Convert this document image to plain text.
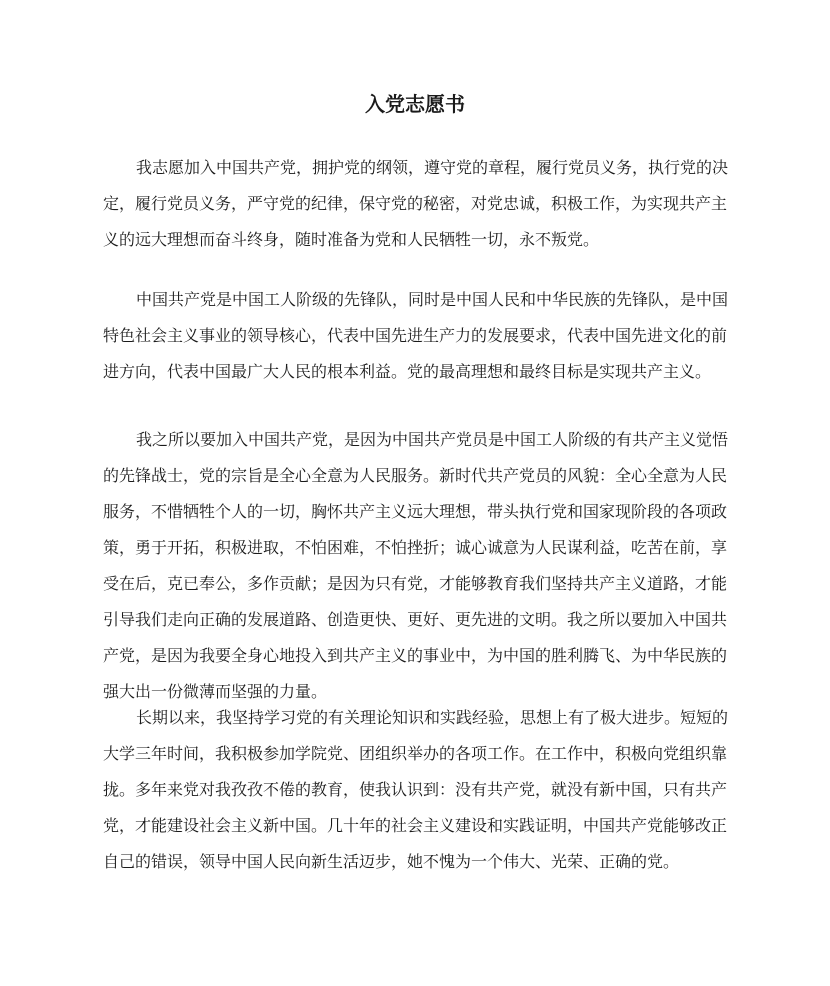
入党志愿书
我志愿加入中国共产党，拥护党的纲领，遵守党的章程，履行党员义务，执行党的决
定，履行党员义务，严守党的纪律，保守党的秘密，对党忠诚，积极工作，为实现共产主
义的远大理想而奋斗终身，随时准备为党和人民牺牲一切，永不叛党。
中国共产党是中国工人阶级的先锋队，同时是中国人民和中华民族的先锋队，是中国
特色社会主义事业的领导核心，代表中国先进生产力的发展要求，代表中国先进文化的前
进方向，代表中国最广大人民的根本利益。党的最高理想和最终目标是实现共产主义。
我之所以要加入中国共产党，是因为中国共产党员是中国工人阶级的有共产主义觉悟
的先锋战士，党的宗旨是全心全意为人民服务。新时代共产党员的风貌：全心全意为人民
服务，不惜牺牲个人的一切，胸怀共产主义远大理想，带头执行党和国家现阶段的各项政
策，勇于开拓，积极进取，不怕困难，不怕挫折；诚心诚意为人民谋利益，吃苦在前，享
受在后，克已奉公，多作贡献；是因为只有党，才能够教育我们坚持共产主义道路，才能
引导我们走向正确的发展道路、创造更快、更好、更先进的文明。我之所以要加入中国共
产党，是因为我要全身心地投入到共产主义的事业中，为中国的胜利腾飞、为中华民族的
强大出一份微薄而坚强的力量。
长期以来，我坚持学习党的有关理论知识和实践经验，思想上有了极大进步。短短的
大学三年时间，我积极参加学院党、团组织举办的各项工作。在工作中，积极向党组织靠
拢。多年来党对我孜孜不倦的教育，使我认识到：没有共产党，就没有新中国，只有共产
党，才能建设社会主义新中国。几十年的社会主义建设和实践证明，中国共产党能够改正
自己的错误，领导中国人民向新生活迈步，她不愧为一个伟大、光荣、正确的党。
